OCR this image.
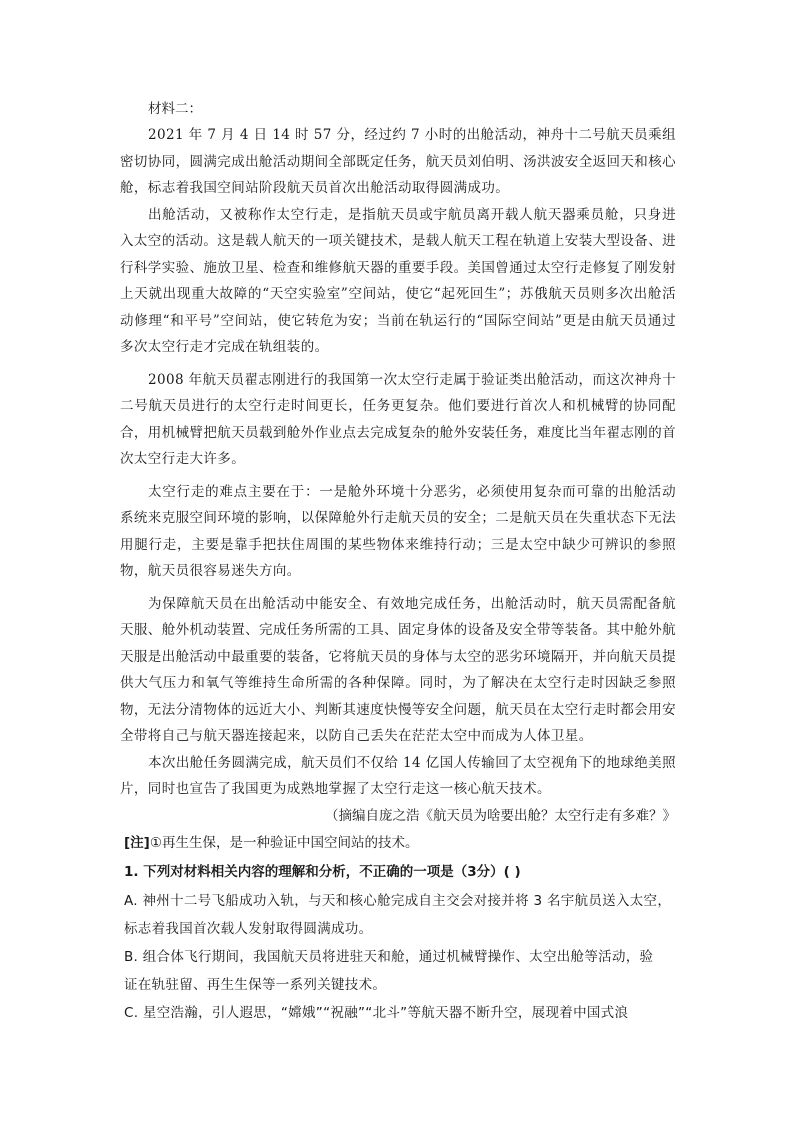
材料二：

2021 年 7 月 4 日 14 时 57 分，经过约 7 小时的出舱活动，神舟十二号航天员乘组密切协同，圆满完成出舱活动期间全部既定任务，航天员刘伯明、汤洪波安全返回天和核心舱，标志着我国空间站阶段航天员首次出舱活动取得圆满成功。

出舱活动，又被称作太空行走，是指航天员或宇航员离开载人航天器乘员舱，只身进入太空的活动。这是载人航天的一项关键技术，是载人航天工程在轨道上安装大型设备、进行科学实验、施放卫星、检查和维修航天器的重要手段。美国曾通过太空行走修复了刚发射上天就出现重大故障的“天空实验室”空间站，使它“起死回生”；苏俄航天员则多次出舱活动修理“和平号”空间站，使它转危为安；当前在轨运行的“国际空间站”更是由航天员通过多次太空行走才完成在轨组装的。

2008 年航天员翟志刚进行的我国第一次太空行走属于验证类出舱活动，而这次神舟十二号航天员进行的太空行走时间更长，任务更复杂。他们要进行首次人和机械臂的协同配合，用机械臂把航天员载到舱外作业点去完成复杂的舱外安装任务，难度比当年翟志刚的首次太空行走大许多。

太空行走的难点主要在于：一是舱外环境十分恶劣，必须使用复杂而可靠的出舱活动系统来克服空间环境的影响，以保障舱外行走航天员的安全；二是航天员在失重状态下无法用腿行走，主要是靠手把扶住周围的某些物体来维持行动；三是太空中缺少可辨识的参照物，航天员很容易迷失方向。

为保障航天员在出舱活动中能安全、有效地完成任务，出舱活动时，航天员需配备航天服、舱外机动装置、完成任务所需的工具、固定身体的设备及安全带等装备。其中舱外航天服是出舱活动中最重要的装备，它将航天员的身体与太空的恶劣环境隔开，并向航天员提供大气压力和氧气等维持生命所需的各种保障。同时，为了解决在太空行走时因缺乏参照物，无法分清物体的远近大小、判断其速度快慢等安全问题，航天员在太空行走时都会用安全带将自己与航天器连接起来，以防自己丢失在茫茫太空中而成为人体卫星。

本次出舱任务圆满完成，航天员们不仅给 14 亿国人传输回了太空视角下的地球绝美照片，同时也宣告了我国更为成熟地掌握了太空行走这一核心航天技术。

（摘编自庞之浩《航天员为啥要出舱？太空行走有多难？》

[注]①再生生保，是一种验证中国空间站的技术。

1. 下列对材料相关内容的理解和分析，不正确的一项是（3分）( )

A. 神州十二号飞船成功入轨，与天和核心舱完成自主交会对接并将 3 名宇航员送入太空，

标志着我国首次载人发射取得圆满成功。

B. 组合体飞行期间，我国航天员将进驻天和舱，通过机械臂操作、太空出舱等活动，验

证在轨驻留、再生生保等一系列关键技术。

C. 星空浩瀚，引人遐思，“嫦娥”“祝融”“北斗”等航天器不断升空，展现着中国式浪
